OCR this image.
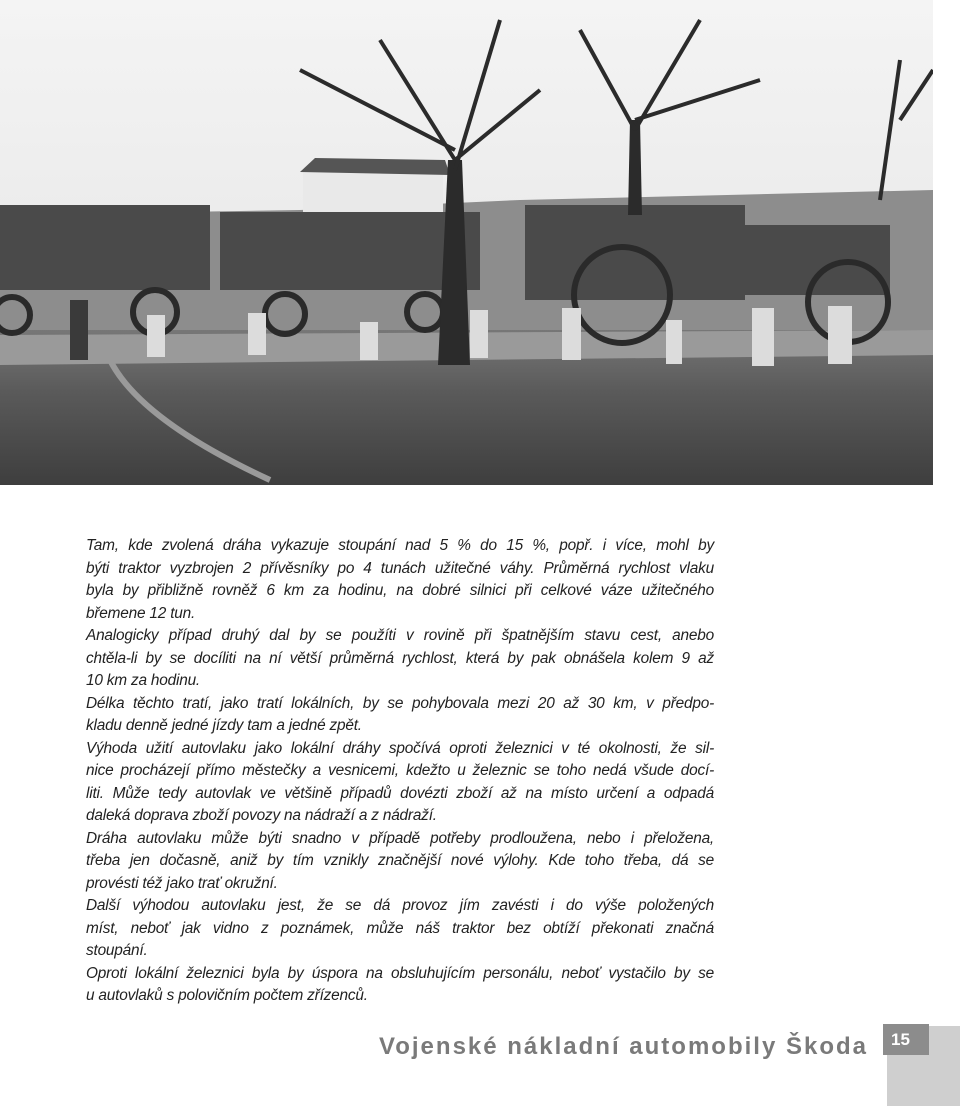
Tam, kde zvolená dráha vykazuje stoupání nad 5 % do 15 %, popř. i více, mohl by
býti traktor vyzbrojen 2 přívěsníky po 4 tunách užitečné váhy. Průměrná rychlost vlaku
byla by přibližně rovněž 6 km za hodinu, na dobré silnici při celkové váze užitečného
břemene 12 tun.
Analogicky případ druhý dal by se použíti v rovině při špatnějším stavu cest, anebo
chtěla-li by se docíliti na ní větší průměrná rychlost, která by pak obnášela kolem 9 až
10 km za hodinu.
Délka těchto tratí, jako tratí lokálních, by se pohybovala mezi 20 až 30 km, v předpo-
kladu denně jedné jízdy tam a jedné zpět.
Výhoda užití autovlaku jako lokální dráhy spočívá oproti železnici v té okolnosti, že sil-
nice procházejí přímo městečky a vesnicemi, kdežto u železnic se toho nedá všude docí-
liti. Může tedy autovlak ve většině případů dovézti zboží až na místo určení a odpadá
daleká doprava zboží povozy na nádraží a z nádraží.
Dráha autovlaku může býti snadno v případě potřeby prodloužena, nebo i přeložena,
třeba jen dočasně, aniž by tím vznikly značnější nové výlohy. Kde toho třeba, dá se
provésti též jako trať okružní.
Další výhodou autovlaku jest, že se dá provoz jím zavésti i do výše položených
míst, neboť jak vidno z poznámek, může náš traktor bez obtíží překonati značná
stoupání.
Oproti lokální železnici byla by úspora na obsluhujícím personálu, neboť vystačilo by se
u autovlaků s polovičním počtem zřízenců.
Vojenské nákladní automobily Škoda	15
